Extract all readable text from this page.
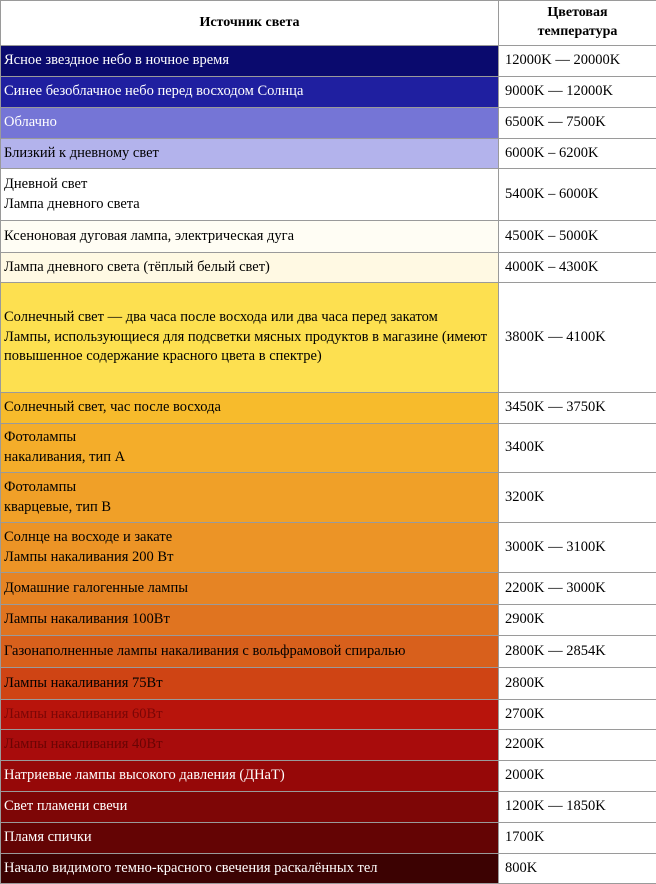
Источник света	Цветовая
температура

Ясное звездное небо в ночное время	12000K — 20000K
Синее безоблачное небо перед восходом Солнца	9000K — 12000K
Облачно	6500K — 7500K
Близкий к дневному свет	6000K – 6200K
Дневной свет
Лампа дневного света	5400K – 6000K
Ксеноновая дуговая лампа, электрическая дуга	4500K – 5000K
Лампа дневного света (тёплый белый свет)	4000K – 4300K
Солнечный свет — два часа после восхода или два часа перед закатом
Лампы, использующиеся для подсветки мясных продуктов в магазине (имеют повышенное содержание красного цвета в спектре)	3800K — 4100K
Солнечный свет, час после восхода	3450K — 3750K
Фотолампы
накаливания, тип A	3400K
Фотолампы
кварцевые, тип B	3200K
Солнце на восходе и закате
Лампы накаливания 200 Вт	3000K — 3100K
Домашние галогенные лампы	2200K — 3000K
Лампы накаливания 100Вт	2900K
Газонаполненные лампы накаливания с вольфрамовой спиралью	2800K — 2854K
Лампы накаливания 75Вт	2800K
Лампы накаливания 60Вт	2700K
Лампы накаливания 40Вт	2200K
Натриевые лампы высокого давления (ДНаТ)	2000K
Свет пламени свечи	1200K — 1850K
Пламя спички	1700K
Начало видимого темно-красного свечения раскалённых тел	800K
